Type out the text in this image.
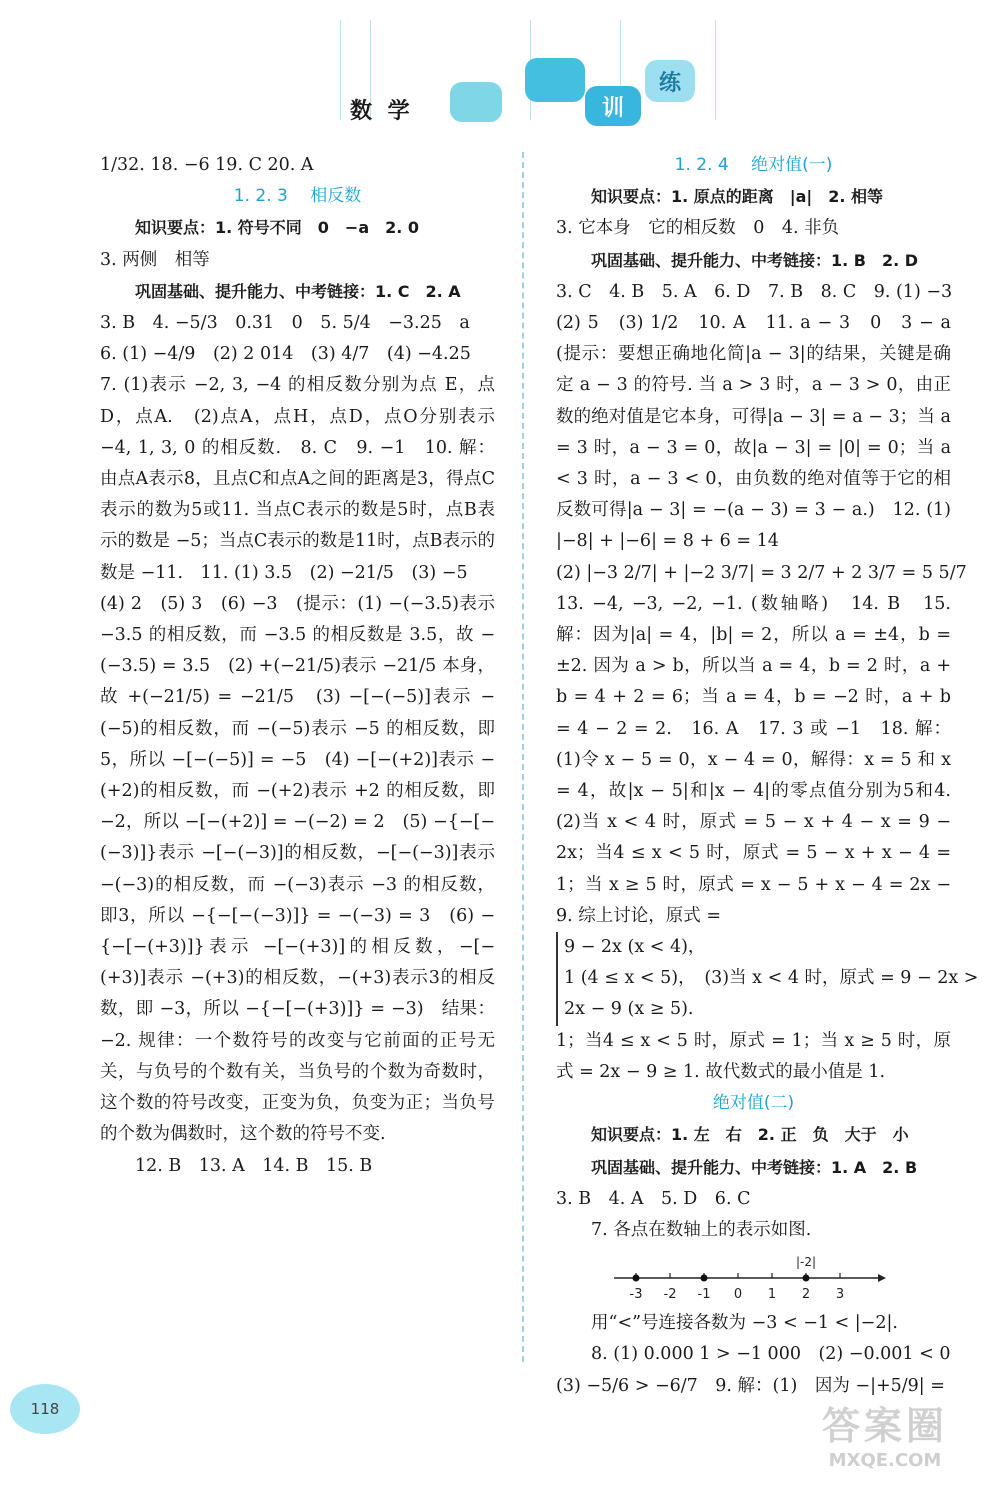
数 学	训
练
1/32. 18. −6 19. C 20. A
1. 2. 3　 相反数
知识要点：1. 符号不同　0　−a　2. 0
3. 两侧　相等
巩固基础、提升能力、中考链接：1. C　2. A
3. B　4. −5/3　0.31　0　5. 5/4　−3.25　a
6. (1) −4/9　(2) 2 014　(3) 4/7　(4) −4.25
7. (1)表示 −2, 3, −4 的相反数分别为点 E，点D，点A.　(2)点A，点H，点D，点O分别表示 −4, 1, 3, 0 的相反数.　8. C　9. −1　10. 解：由点A表示8，且点C和点A之间的距离是3，得点C表示的数为5或11. 当点C表示的数是5时，点B表示的数是 −5；当点C表示的数是11时，点B表示的数是 −11.　11. (1) 3.5　(2) −21/5　(3) −5
(4) 2　(5) 3　(6) −3　(提示：(1) −(−3.5)表示 −3.5 的相反数，而 −3.5 的相反数是 3.5，故 −(−3.5) = 3.5　(2) +(−21/5)表示 −21/5 本身，故 +(−21/5) = −21/5　(3) −[−(−5)]表示 −(−5)的相反数，而 −(−5)表示 −5 的相反数，即 5，所以 −[−(−5)] = −5　(4) −[−(+2)]表示 −(+2)的相反数，而 −(+2)表示 +2 的相反数，即 −2，所以 −[−(+2)] = −(−2) = 2　(5) −{−[−(−3)]}表示 −[−(−3)]的相反数，−[−(−3)]表示 −(−3)的相反数，而 −(−3)表示 −3 的相反数，即3，所以 −{−[−(−3)]} = −(−3) = 3　(6) −{−[−(+3)]}表示 −[−(+3)]的相反数，−[−(+3)]表示 −(+3)的相反数，−(+3)表示3的相反数，即 −3，所以 −{−[−(+3)]} = −3)　结果：−2. 规律：一个数符号的改变与它前面的正号无关，与负号的个数有关，当负号的个数为奇数时，这个数的符号改变，正变为负，负变为正；当负号的个数为偶数时，这个数的符号不变.
12. B　13. A　14. B　15. B
1. 2. 4　 绝对值(一)
知识要点：1. 原点的距离　|a|　2. 相等
3. 它本身　它的相反数　0　4. 非负
巩固基础、提升能力、中考链接：1. B　2. D
3. C　4. B　5. A　6. D　7. B　8. C　9. (1) −3
(2) 5　(3) 1/2　10. A　11. a − 3　0　3 − a (提示：要想正确地化简|a − 3|的结果，关键是确定 a − 3 的符号. 当 a > 3 时，a − 3 > 0，由正数的绝对值是它本身，可得|a − 3| = a − 3；当 a = 3 时，a − 3 = 0，故|a − 3| = |0| = 0；当 a < 3 时，a − 3 < 0，由负数的绝对值等于它的相反数可得|a − 3| = −(a − 3) = 3 − a.)　12. (1) |−8| + |−6| = 8 + 6 = 14
(2) |−3 2/7| + |−2 3/7| = 3 2/7 + 2 3/7 = 5 5/7
13. −4, −3, −2, −1. (数轴略)　14. B　15. 解：因为|a| = 4，|b| = 2，所以 a = ±4，b = ±2. 因为 a > b，所以当 a = 4，b = 2 时，a + b = 4 + 2 = 6；当 a = 4，b = −2 时，a + b = 4 − 2 = 2.　16. A　17. 3 或 −1　18. 解：(1)令 x − 5 = 0，x − 4 = 0，解得：x = 5 和 x = 4，故|x − 5|和|x − 4|的零点值分别为5和4.　(2)当 x < 4 时，原式 = 5 − x + 4 − x = 9 − 2x；当4 ≤ x < 5 时，原式 = 5 − x + x − 4 = 1；当 x ≥ 5 时，原式 = x − 5 + x − 4 = 2x − 9. 综上讨论，原式 =
9 − 2x (x < 4)，
1 (4 ≤ x < 5)，　(3)当 x < 4 时，原式 = 9 − 2x >
2x − 9 (x ≥ 5).
1；当4 ≤ x < 5 时，原式 = 1；当 x ≥ 5 时，原式 = 2x − 9 ≥ 1. 故代数式的最小值是 1.
绝对值(二)
知识要点：1. 左　右　2. 正　负　大于　小
巩固基础、提升能力、中考链接：1. A　2. B
3. B　4. A　5. D　6. C
7. 各点在数轴上的表示如图.
-3 -2 -1 0 1 2 3
|-2|
用“<”号连接各数为 −3 < −1 < |−2|.
8. (1) 0.000 1 > −1 000　(2) −0.001 < 0
(3) −5/6 > −6/7　9. 解：(1)　因为 −|+5/9| =
118	答案圈
MXQE.COM
